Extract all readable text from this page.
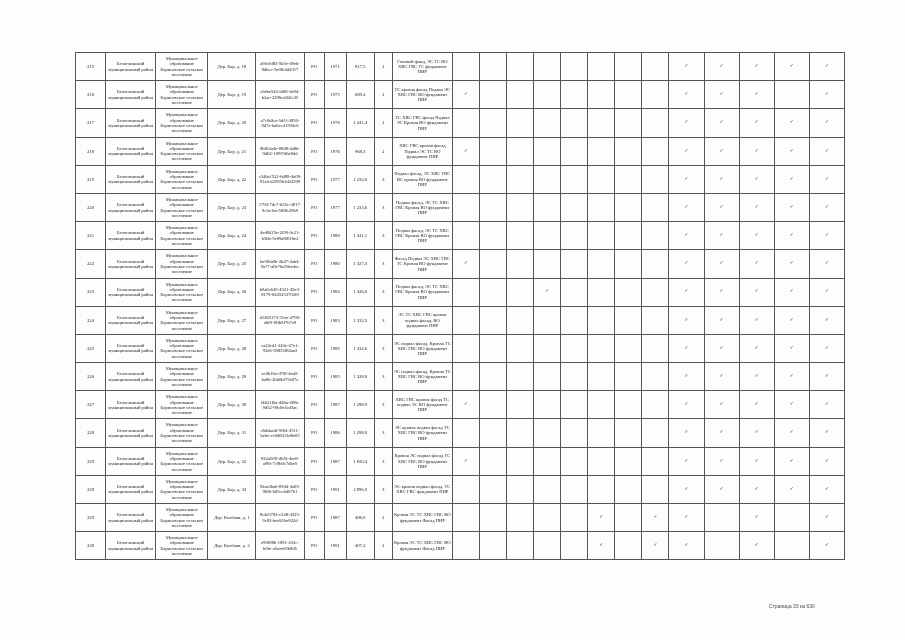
215	Белоглинский муниципальный район	Муниципальное образование Борисовское сельское поселение	Дер. Бор, д. 18	a9fc0d83-5b5e-49eb-8dbcc-5e0fb4d4317	РО	1971	817,5	2	Газовый фонд, ЭС ГС ВО ХВС ГВС ГС фундамент ПИР									✓	✓	✓	✓	✓
216	Белоглинский муниципальный район	Муниципальное образование Борисовское сельское поселение	Дер. Бор, д. 19	c6ebe542-dd0f-4e9d-b2ac-2296cd42fc35	РО	1975	689,4	2	ТС кровля фасад Подвал ЭС ХВС ГВС ВО фундамент ПИР	✓								✓	✓	✓		✓
217	Белоглинский муниципальный район	Муниципальное образование Борисовское сельское поселение	Дер. Бор, д. 20	a7c0dfca-5df1-4850-8d7e-ba6cc41594c6	РО	1976	1 241,4	2	ТС ХВС ГВС фасад Подвал ЭС Кровля ВО фундамент ПИР									✓	✓	✓	✓	✓
218	Белоглинский муниципальный район	Муниципальное образование Борисовское сельское поселение	Дер. Бор, д. 21	8b0f4a4e-09d8-4a8b-9d62-1f997d6e8dd	РО	1976	968,3	2	ХВС ГВС кровля фасад Подвал ЭС ТС ВО фундамент ПИР	✓								✓	✓	✓	✓	✓
219	Белоглинский муниципальный район	Муниципальное образование Борисовское сельское поселение	Дер. Бор, д. 22	c346a1522-6d88-4e09-91a4-d2505b3d24509	РО	1977	1 232,0	3	Подвал фасад, ЭС ХВС ГВС ВС кровля ВО фундамент ПИР									✓	✓	✓	✓	✓
220	Белоглинский муниципальный район	Муниципальное образование Борисовское сельское поселение	Дер. Бор, д. 23	1794-7dc7-b35c-4817-9c5a-6ec5f08c20b9	РО	1977	1 233,6	3	Подвал фасад, ЭС ТС ХВС ГВС Кровля ВО фундамент ПИР									✓	✓	✓	✓	✓
221	Белоглинский муниципальный район	Муниципальное образование Борисовское сельское поселение	Дер. Бор, д. 24	4ed8415e-2f59-4c21-b5bb-5e09a8f016e2	РО	1980	1 341,1	3	Подвал фасад, ЭС ТС ХВС ГВС Кровля ВО фундамент ПИР									✓	✓	✓	✓	✓
222	Белоглинский муниципальный район	Муниципальное образование Борисовское сельское поселение	Дер. Бор, д. 25	be5f6a0b-2b47-4ab4-9a77-a0e76a59ee4ec	РО	1980	1 327,4	3	Фасад Подвал ЭС ХВС ГВС ТС Кровля ВО фундамент ПИР	✓								✓	✓	✓	✓	✓
223	Белоглинский муниципальный район	Муниципальное образование Борисовское сельское поселение	Дер. Бор, д. 26	b9a6c645-4321-45e3-8179-0445253702f0	РО	1982	1 326,0	3	Подвал фасад, ЭС ТС ХВС ГВС Кровля ВО фундамент ПИР				✓					✓	✓	✓	✓	✓
224	Белоглинский муниципальный район	Муниципальное образование Борисовское сельское поселение	Дер. Бор, д. 27	d1465373-31ee-4790-a6f9-f9fb9f767e9	РО	1983	1 332,5	3	ЭС ТС ХВС ГВС кровля подвал фасад, ВО фундамент ПИР									✓	✓	✓	✓	✓
225	Белоглинский муниципальный район	Муниципальное образование Борисовское сельское поселение	Дер. Бор, д. 28	ca24cd1-243e-47e1-92e6-39853f84aa3	РО	1985	1 332,6	3	ЭС подвал фасад, Кровля ТС ХВС ГВС ВО фундамент ПИР									✓	✓	✓	✓	✓
226	Белоглинский муниципальный район	Муниципальное образование Борисовское сельское поселение	Дер. Бор, д. 29	ec0b16a-d70f-4ea0-ba0b-2bb0bf75e07e	РО	1985	1 328,0	3	ЭС подвал фасад, Кровля ТС ХВС ГВС ВО фундамент ПИР									✓	✓	✓	✓	✓
227	Белоглинский муниципальный район	Муниципальное образование Борисовское сельское поселение	Дер. Бор, д. 30	f4621f6a-d46a-4f9b-9d52-90c0e4cd3ac	РО	1987	1 298,9	3	ХВС ГВС кровля фасад ТС подвал ЭС ВО фундамент ПИР	✓								✓	✓	✓	✓	✓
228	Белоглинский муниципальный район	Муниципальное образование Борисовское сельское поселение	Дер. Бор, д. 31	c6ddaa4f-9f04-4511-bebe-ec0d8413d0e05	РО	1986	1 298,0	3	ЭС кровля подвал фасад ТС ХВС ГВС ВО фундамент ПИР									✓	✓	✓	✓	✓
229	Белоглинский муниципальный район	Муниципальное образование Борисовское сельское поселение	Дер. Бор, д. 32	932a5f9f-d65f-4ee8-a98f-7c9b0c7dbe5	РО	1987	1 650,4	3	Кровля ЭС подвал фасад ТС ХВС ГВС ВО фундамент ПИР	✓								✓	✓	✓	✓	✓
229	Белоглинский муниципальный район	Муниципальное образование Борисовское сельское поселение	Дер. Бор, д. 33	92ae2ba6-0944-4a05-90f6-6d5cc6d07b1	РО	1991	2 896,5	3	ЭС кровля подвал фасад, ТС ХВС ГВС фундамент ПИР									✓	✓	✓	✓	✓
229	Белоглинский муниципальный район	Муниципальное образование Борисовское сельское поселение	Дер. Колбаки, д. 1	8c4e5784-c348-4325-9c83-bed41be922d	РО	1987	406,0	2	Кровля ЭС ТС ХВС ГВС ВО фундамент Фасад ПИР						✓		✓	✓		✓		✓
230	Белоглинский муниципальный район	Муниципальное образование Борисовское сельское поселение	Дер. Колбаки, д. 2	e99f08b-1891-433c-b0fe-a5eee65b8d5	РО	1991	407,2	2	Кровля ЭС ТС ХВС ГВС ВО фундамент Фасад ПИР						✓		✓	✓		✓		✓
Страница 33 из 630
